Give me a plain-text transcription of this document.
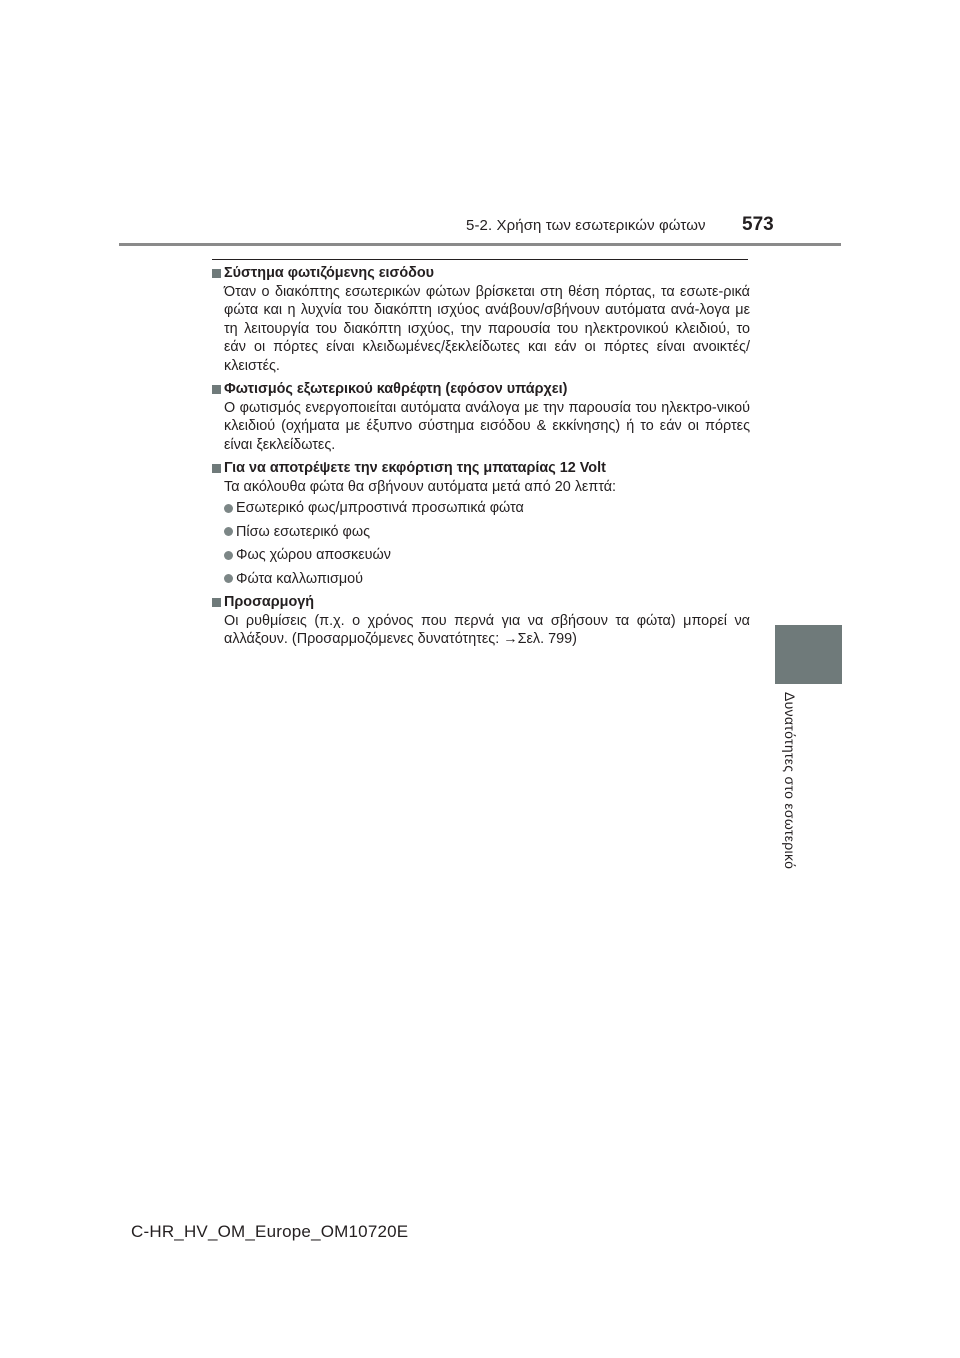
5-2. Χρήση των εσωτερικών φώτων 573
5
Δυνατότητες στο εσωτερικό
Σύστημα φωτιζόμενης εισόδου

Όταν ο διακόπτης εσωτερικών φώτων βρίσκεται στη θέση πόρτας, τα εσωτε-ρικά φώτα και η λυχνία του διακόπτη ισχύος ανάβουν/σβήνουν αυτόματα ανά-λογα με τη λειτουργία του διακόπτη ισχύος, την παρουσία του ηλεκτρονικού κλειδιού, το εάν οι πόρτες είναι κλειδωμένες/ξεκλείδωτες και εάν οι πόρτες είναι ανοικτές/κλειστές.

Φωτισμός εξωτερικού καθρέφτη (εφόσον υπάρχει)

Ο φωτισμός ενεργοποιείται αυτόματα ανάλογα με την παρουσία του ηλεκτρο-νικού κλειδιού (οχήματα με έξυπνο σύστημα εισόδου & εκκίνησης) ή το εάν οι πόρτες είναι ξεκλείδωτες.

Για να αποτρέψετε την εκφόρτιση της μπαταρίας 12 Volt

Τα ακόλουθα φώτα θα σβήνουν αυτόματα μετά από 20 λεπτά:

Εσωτερικό φως/μπροστινά προσωπικά φώτα
Πίσω εσωτερικό φως
Φως χώρου αποσκευών
Φώτα καλλωπισμού
Προσαρμογή

Οι ρυθμίσεις (π.χ. ο χρόνος που περνά για να σβήσουν τα φώτα) μπορεί να αλλάξουν. (Προσαρμοζόμενες δυνατότητες: →Σελ. 799)

C-HR_HV_OM_Europe_OM10720E
